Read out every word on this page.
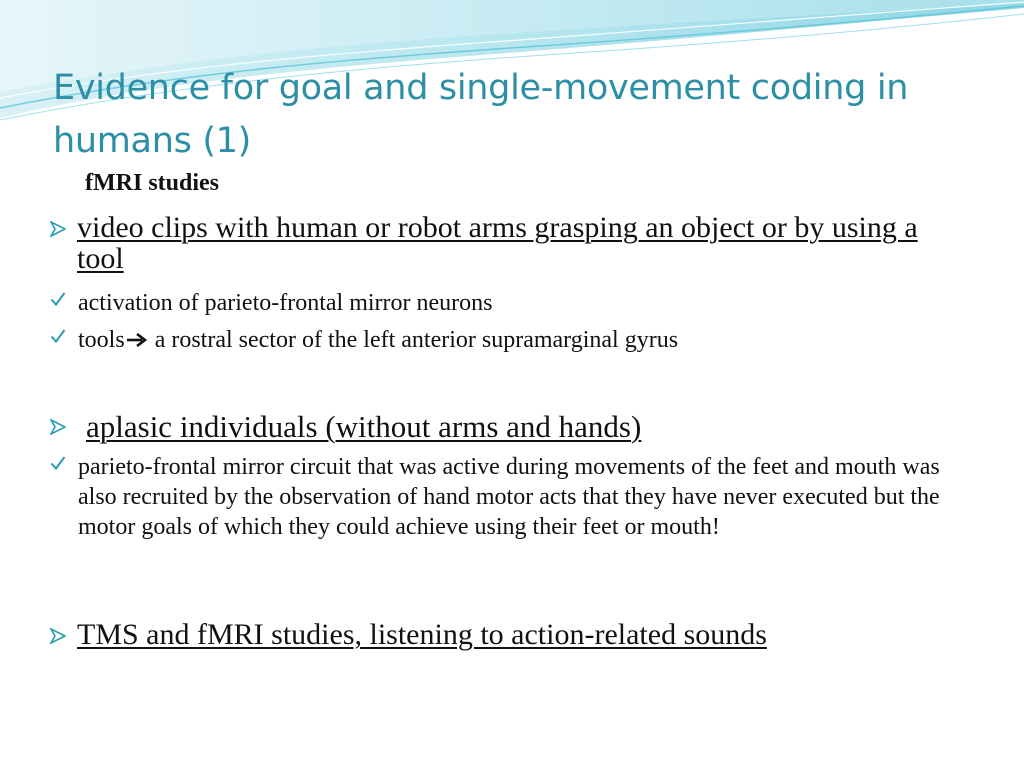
Evidence for goal and single-movement coding in humans (1)
fMRI studies
video clips with human or robot arms grasping an object or by using a tool
activation of parieto-frontal mirror neurons
tools a rostral sector of the left anterior supramarginal gyrus
aplasic individuals (without arms and hands)
parieto-frontal mirror circuit that was active during movements of the feet and mouth was also recruited by the observation of hand motor acts that they have never executed but the motor goals of which they could achieve using their feet or mouth!
TMS and fMRI studies, listening to action-related sounds
